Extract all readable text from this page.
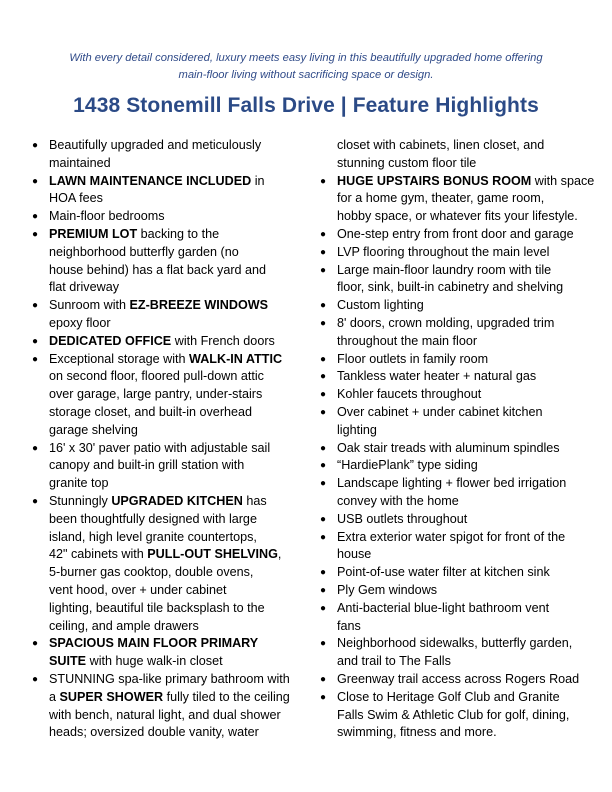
With every detail considered, luxury meets easy living in this beautifully upgraded home offering
main-floor living without sacrificing space or design.
1438 Stonemill Falls Drive | Feature Highlights
● Beautifully upgraded and meticulously
maintained
● LAWN MAINTENANCE INCLUDED in
HOA fees
● Main-floor bedrooms
● PREMIUM LOT backing to the
neighborhood butterfly garden (no
house behind) has a flat back yard and
flat driveway
● Sunroom with EZ-BREEZE WINDOWS
epoxy floor
● DEDICATED OFFICE with French doors
● Exceptional storage with WALK-IN ATTIC
on second floor, floored pull-down attic
over garage, large pantry, under-stairs
storage closet, and built-in overhead
garage shelving
● 16' x 30' paver patio with adjustable sail
canopy and built-in grill station with
granite top
● Stunningly UPGRADED KITCHEN has
been thoughtfully designed with large
island, high level granite countertops,
42" cabinets with PULL-OUT SHELVING,
5-burner gas cooktop, double ovens,
vent hood, over + under cabinet
lighting, beautiful tile backsplash to the
ceiling, and ample drawers
● SPACIOUS MAIN FLOOR PRIMARY
SUITE with huge walk-in closet
● STUNNING spa-like primary bathroom with
a SUPER SHOWER fully tiled to the ceiling
with bench, natural light, and dual shower
heads; oversized double vanity, water
closet with cabinets, linen closet, and
stunning custom floor tile
● HUGE UPSTAIRS BONUS ROOM with space
for a home gym, theater, game room,
hobby space, or whatever fits your lifestyle.
● One-step entry from front door and garage
● LVP flooring throughout the main level
● Large main-floor laundry room with tile
floor, sink, built-in cabinetry and shelving
● Custom lighting
● 8' doors, crown molding, upgraded trim
throughout the main floor
● Floor outlets in family room
● Tankless water heater + natural gas
● Kohler faucets throughout
● Over cabinet + under cabinet kitchen
lighting
● Oak stair treads with aluminum spindles
● “HardiePlank” type siding
● Landscape lighting + flower bed irrigation
convey with the home
● USB outlets throughout
● Extra exterior water spigot for front of the
house
● Point-of-use water filter at kitchen sink
● Ply Gem windows
● Anti-bacterial blue-light bathroom vent
fans
● Neighborhood sidewalks, butterfly garden,
and trail to The Falls
● Greenway trail access across Rogers Road
● Close to Heritage Golf Club and Granite
Falls Swim & Athletic Club for golf, dining,
swimming, fitness and more.
